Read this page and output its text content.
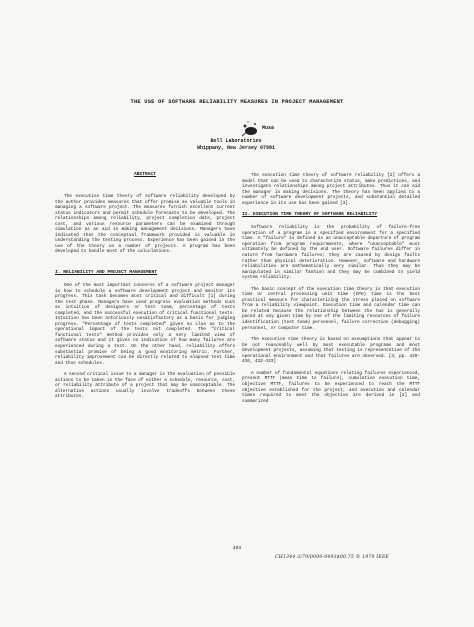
THE USE OF SOFTWARE RELIABILITY MEASURES IN PROJECT MANAGEMENT
Musa
Bell Laboratories
Whippany, New Jersey 07981
ABSTRACT

The execution time theory of software reliability developed by the author provides measures that offer promise as valuable tools in managing a software project. The measures furnish excellent current status indicators and permit schedule forecasts to be developed. The relationships among reliability, project completion date, project cost, and various resource parameters can be examined through simulation as an aid in making management decisions. Managers have indicated that the conceptual framework provided is valuable in understanding the testing process. Experience has been gained in the use of the theory on a number of projects. A program has been developed to handle most of the calculations.

I. RELIABILITY AND PROJECT MANAGEMENT

One of the most important concerns of a software project manager is how to schedule a software development project and monitor its progress. This task becomes most critical and difficult [1] during the test phase. Managers have used progress evaluation methods such as intuition of designers or test team, percentage of tests completed, and the successful execution of critical functional tests. Intuition has been notoriously unsatisfactory as a basis for judging progress. "Percentage of tests completed" gives no clue as to the operational impact of the tests not completed. The "critical functional tests" method provides only a very limited view of software status and it gives no indication of how many failures are experienced during a test. On the other hand, reliability offers substantial promise of being a good monitoring metric. Further, reliability improvement can be directly related to elapsed test time and thus schedules.

A second critical issue to a manager is the evaluation of possible actions to be taken in the face of either a schedule, resource, cost, or reliability attribute of a project that may be unacceptable. The alternative actions usually involve tradeoffs between these attributes.

The execution time theory of software reliability [2] offers a model that can be used to characterize status, make predictions, and investigate relationships among project attributes. Thus it can aid the manager in making decisions. The theory has been applied to a number of software development projects, and substantial detailed experience in its use has been gained [3].

II. EXECUTION TIME THEORY OF SOFTWARE RELIABILITY

Software reliability is the probability of failure-free operation of a program in a specified environment for a specified time. A "failure" is defined as an unacceptable departure of program operation from program requirements, where "unacceptable" must ultimately be defined by the end user. Software failures differ in nature from hardware failures; they are caused by design faults rather than physical deterioration. However, software and hardware reliabilities are mathematically very similar. Thus they may be manipulated in similar fashion and they may be combined to yield system reliability.

The basic concept of the execution time theory is that execution time or central processing unit time (CPU) time is the best practical measure for characterizing the stress placed on software from a reliability viewpoint. Execution time and calendar time can be related because the relationship between the two is generally paced at any given time by one of the limiting resources of failure identification (test team) personnel, failure correction (debugging) personnel, or computer time.

The execution time theory is based on assumptions that appear to be not reasonably well by most executable programs and most development projects, assuming that testing is representative of the operational environment and that failures are observed. [3, pp. 429-436, 432-433]

A number of fundamental equations relating failures experienced, present MTTF (mean time to failure), cumulative execution time, objective MTTF, failures to be experienced to reach the MTTF objective established for the project, and execution and calendar times required to meet the objective are derived in [2] and summarized

493
CH1344-3/79/0000-0493$00.75 © 1979 IEEE
